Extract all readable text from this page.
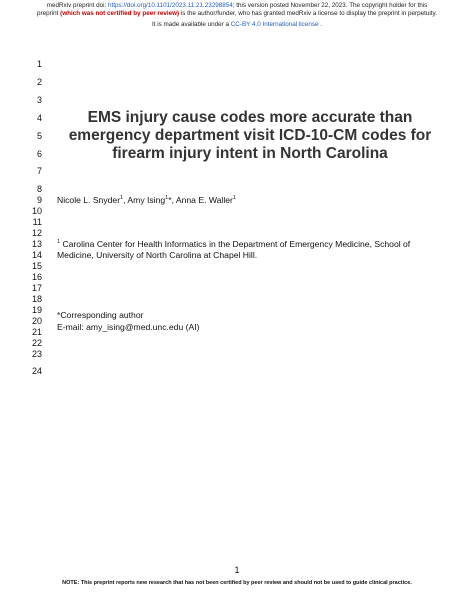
medRxiv preprint doi: https://doi.org/10.1101/2023.11.21.23298854; this version posted November 22, 2023. The copyright holder for this
preprint (which was not certified by peer review) is the author/funder, who has granted medRxiv a license to display the preprint in perpetuity.
It is made available under a CC-BY 4.0 International license .
1
2
3
4
5
6
7
8
9
10
11
12
13
14
15
16
17
18
19
20
21
22
23
24
EMS injury cause codes more accurate than
emergency department visit ICD-10-CM codes for
firearm injury intent in North Carolina
Nicole L. Snyder$^1$, Amy Ising$^1$*, Anna E. Waller$^1$
$^1$ Carolina Center for Health Informatics in the Department of Emergency Medicine, School of
Medicine, University of North Carolina at Chapel Hill.
*Corresponding author
E-mail: amy_ising@med.unc.edu (AI)
1
NOTE: This preprint reports new research that has not been certified by peer review and should not be used to guide clinical practice.
